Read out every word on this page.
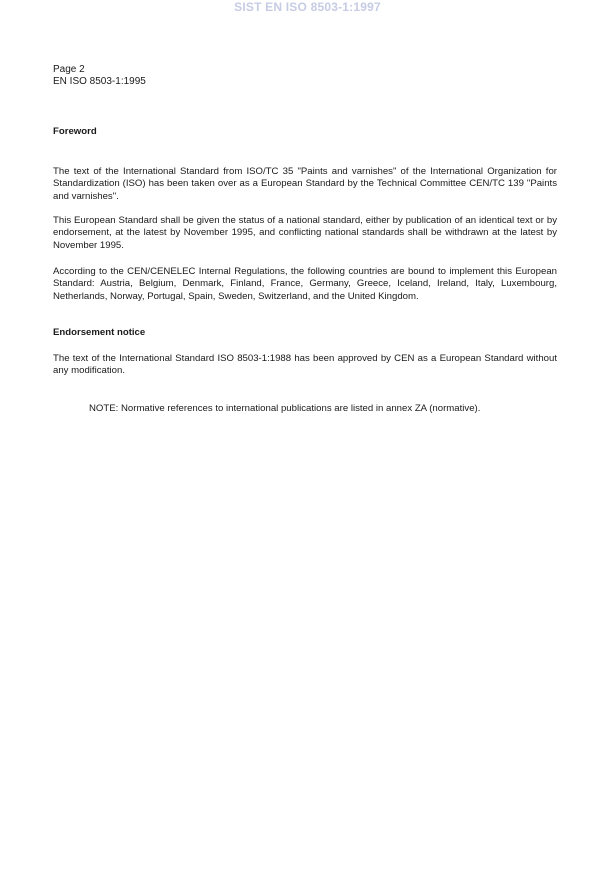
SIST EN ISO 8503-1:1997
Page 2
EN ISO 8503-1:1995
Foreword

The text of the International Standard from ISO/TC 35 "Paints and varnishes" of the International Organization for Standardization (ISO) has been taken over as a European Standard by the Technical Committee CEN/TC 139 "Paints and varnishes".

This European Standard shall be given the status of a national standard, either by publication of an identical text or by endorsement, at the latest by November 1995, and conflicting national standards shall be withdrawn at the latest by November 1995.

According to the CEN/CENELEC Internal Regulations, the following countries are bound to implement this European Standard: Austria, Belgium, Denmark, Finland, France, Germany, Greece, Iceland, Ireland, Italy, Luxembourg, Netherlands, Norway, Portugal, Spain, Sweden, Switzerland, and the United Kingdom.

Endorsement notice

The text of the International Standard ISO 8503-1:1988 has been approved by CEN as a European Standard without any modification.

NOTE: Normative references to international publications are listed in annex ZA (normative).
